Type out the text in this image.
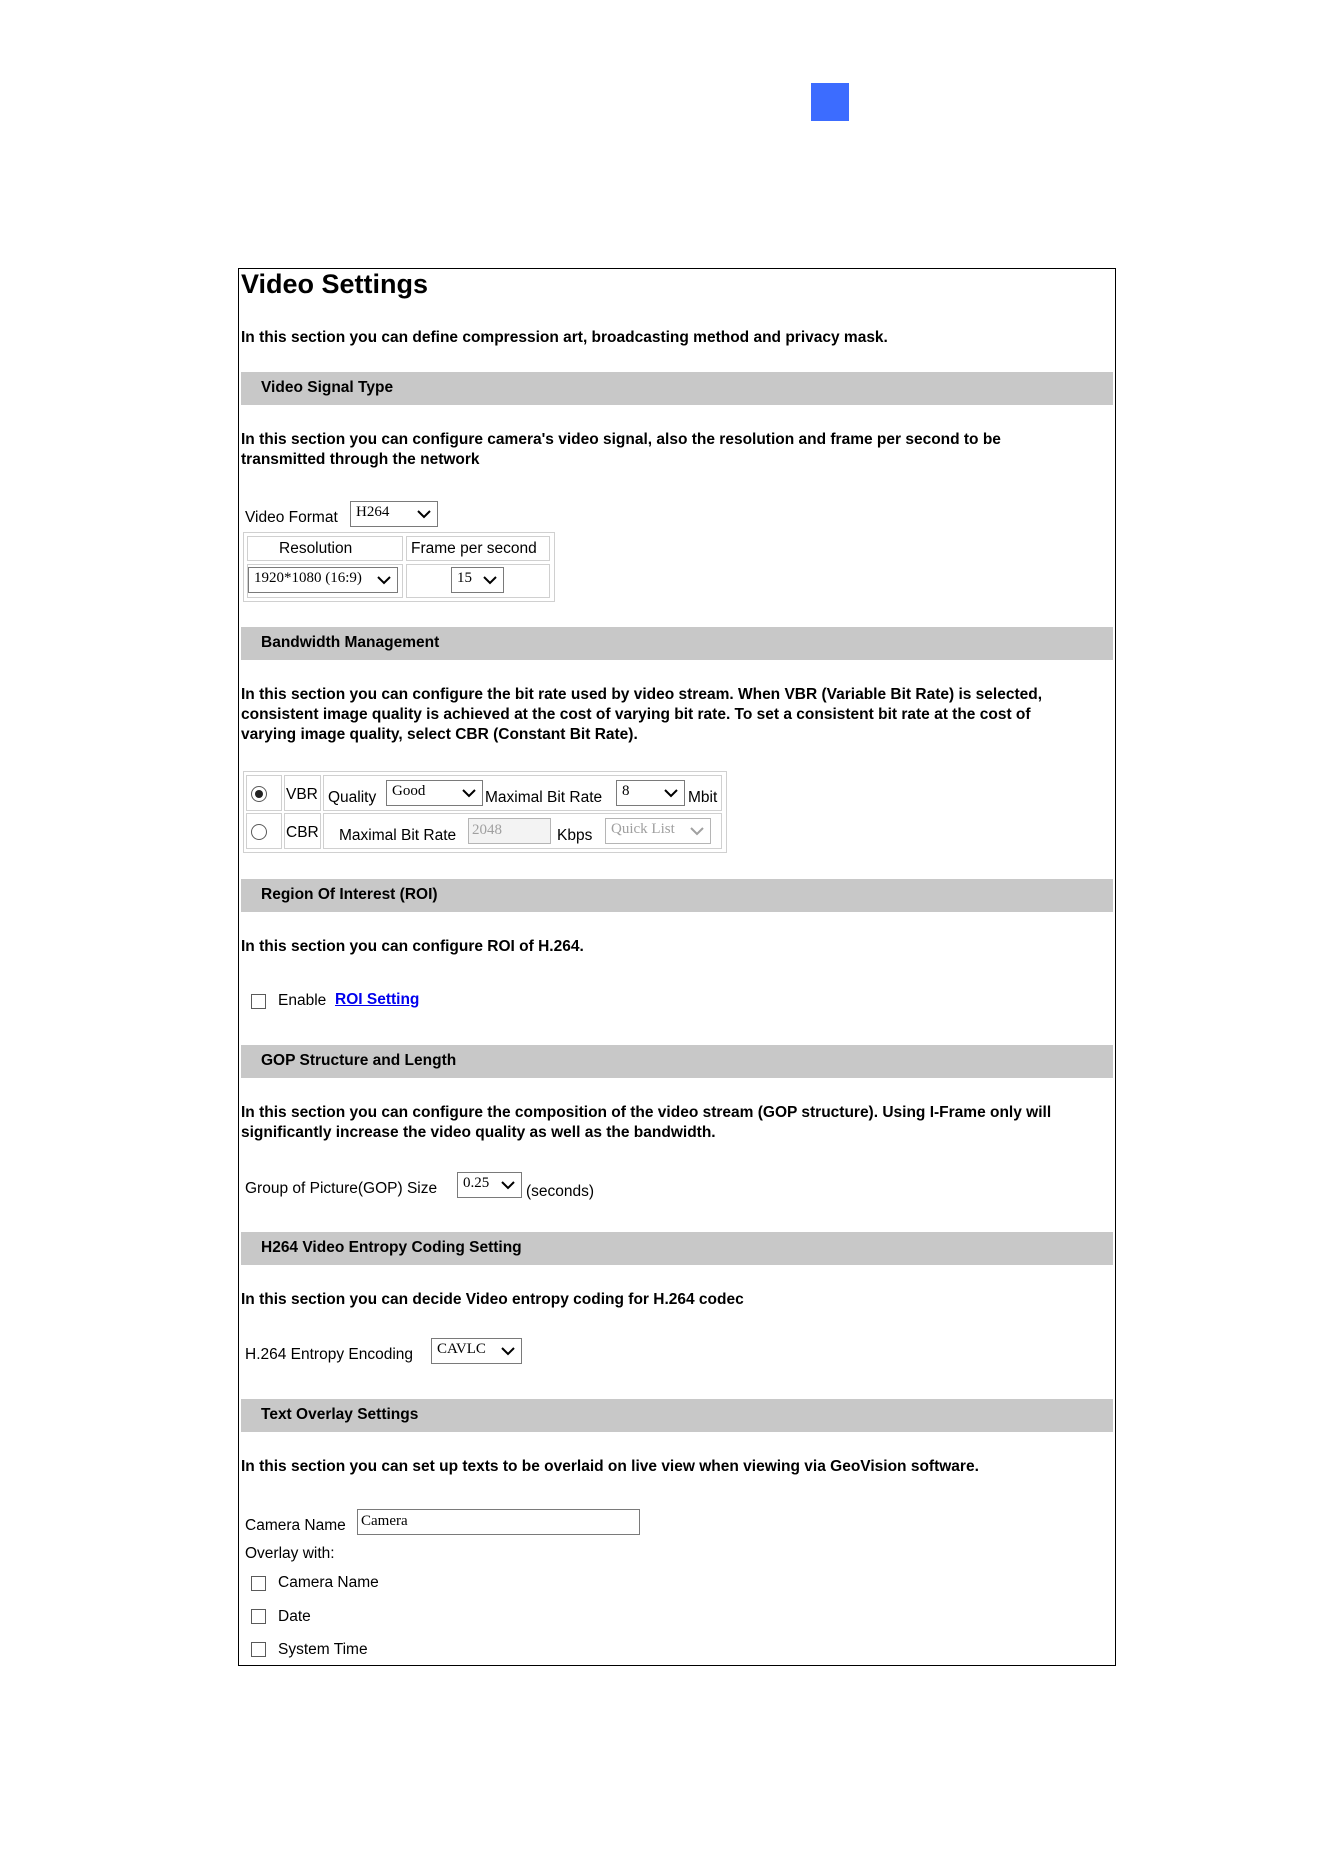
Video Settings
In this section you can define compression art, broadcasting method and privacy mask.
Video Signal Type
In this section you can configure camera's video signal, also the resolution and frame per second to be
transmitted through the network
Video Format H264
Resolution	Frame per second
1920*1080 (16:9)	15
Bandwidth Management
In this section you can configure the bit rate used by video stream. When VBR (Variable Bit Rate) is selected,
consistent image quality is achieved at the cost of varying bit rate. To set a consistent bit rate at the cost of
varying image quality, select CBR (Constant Bit Rate).
VBR Quality Good	Maximal Bit Rate 8	Mbit
CBR Maximal Bit Rate 2048	Kbps Quick List
Region Of Interest (ROI)
In this section you can configure ROI of H.264.
Enable ROI Setting
GOP Structure and Length
In this section you can configure the composition of the video stream (GOP structure). Using I-Frame only will
significantly increase the video quality as well as the bandwidth.
Group of Picture(GOP) Size 0.25 (seconds)
H264 Video Entropy Coding Setting
In this section you can decide Video entropy coding for H.264 codec
H.264 Entropy Encoding CAVLC
Text Overlay Settings
In this section you can set up texts to be overlaid on live view when viewing via GeoVision software.
Camera Name Camera
Overlay with:
Camera Name
Date
System Time
